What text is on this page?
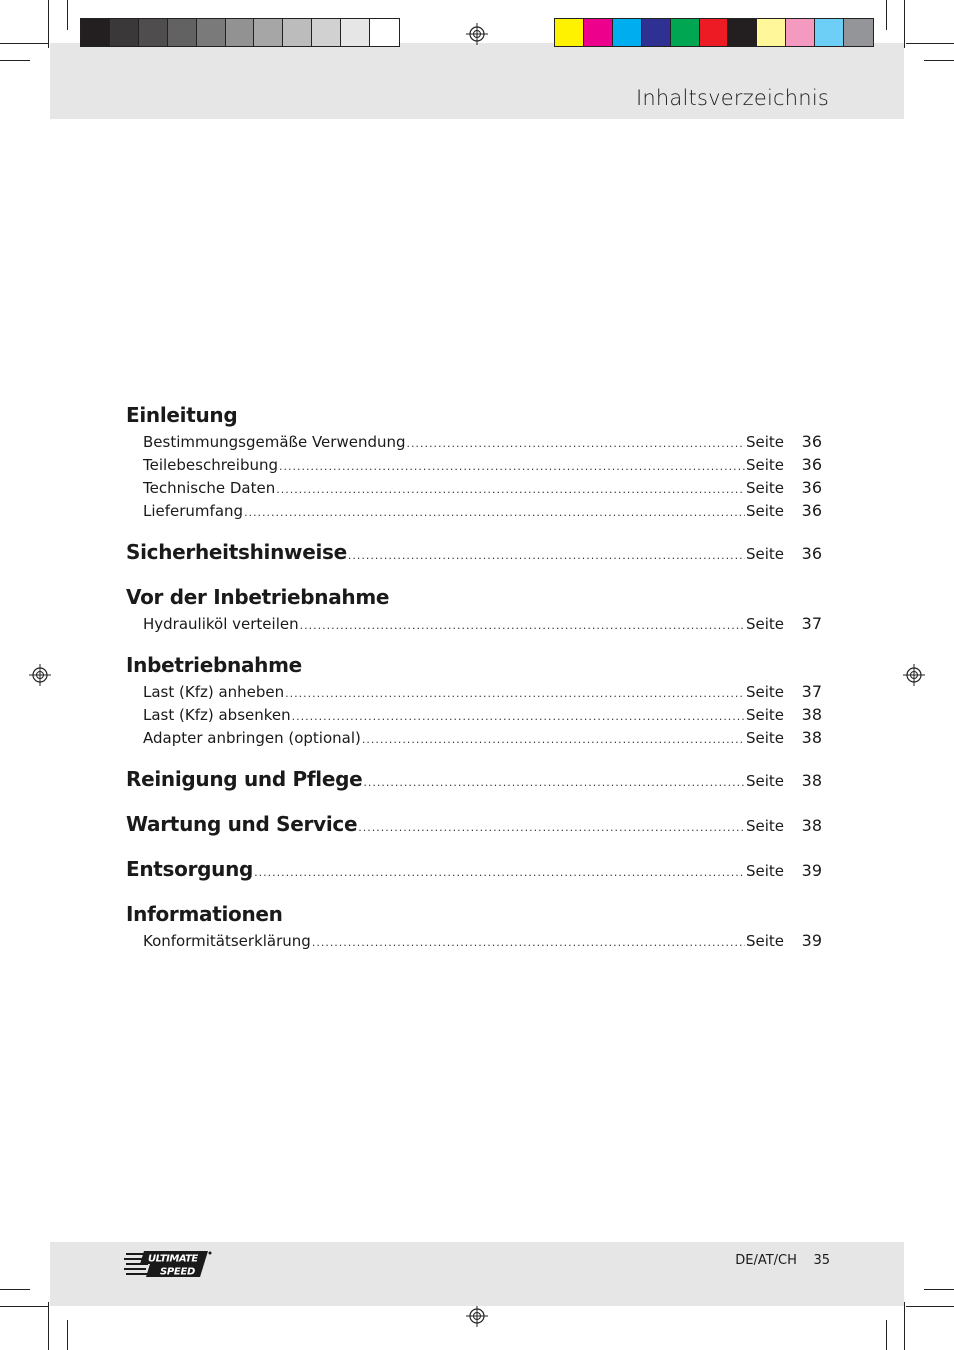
Inhaltsverzeichnis
Einleitung
Bestimmungsgemäße Verwendung .....	Seite	36
Teilebeschreibung .....	Seite	36
Technische Daten .....	Seite	36
Lieferumfang .....	Seite	36
Sicherheitshinweise .....	Seite	36
Vor der Inbetriebnahme
Hydrauliköl verteilen .....	Seite	37
Inbetriebnahme
Last (Kfz) anheben .....	Seite	37
Last (Kfz) absenken .....	Seite	38
Adapter anbringen (optional) .....	Seite	38
Reinigung und Pflege .....	Seite	38
Wartung und Service .....	Seite	38
Entsorgung .....	Seite	39
Informationen
Konformitätserklärung .....	Seite	39
ULTIMATE
SPEED
DE/AT/CH 35
